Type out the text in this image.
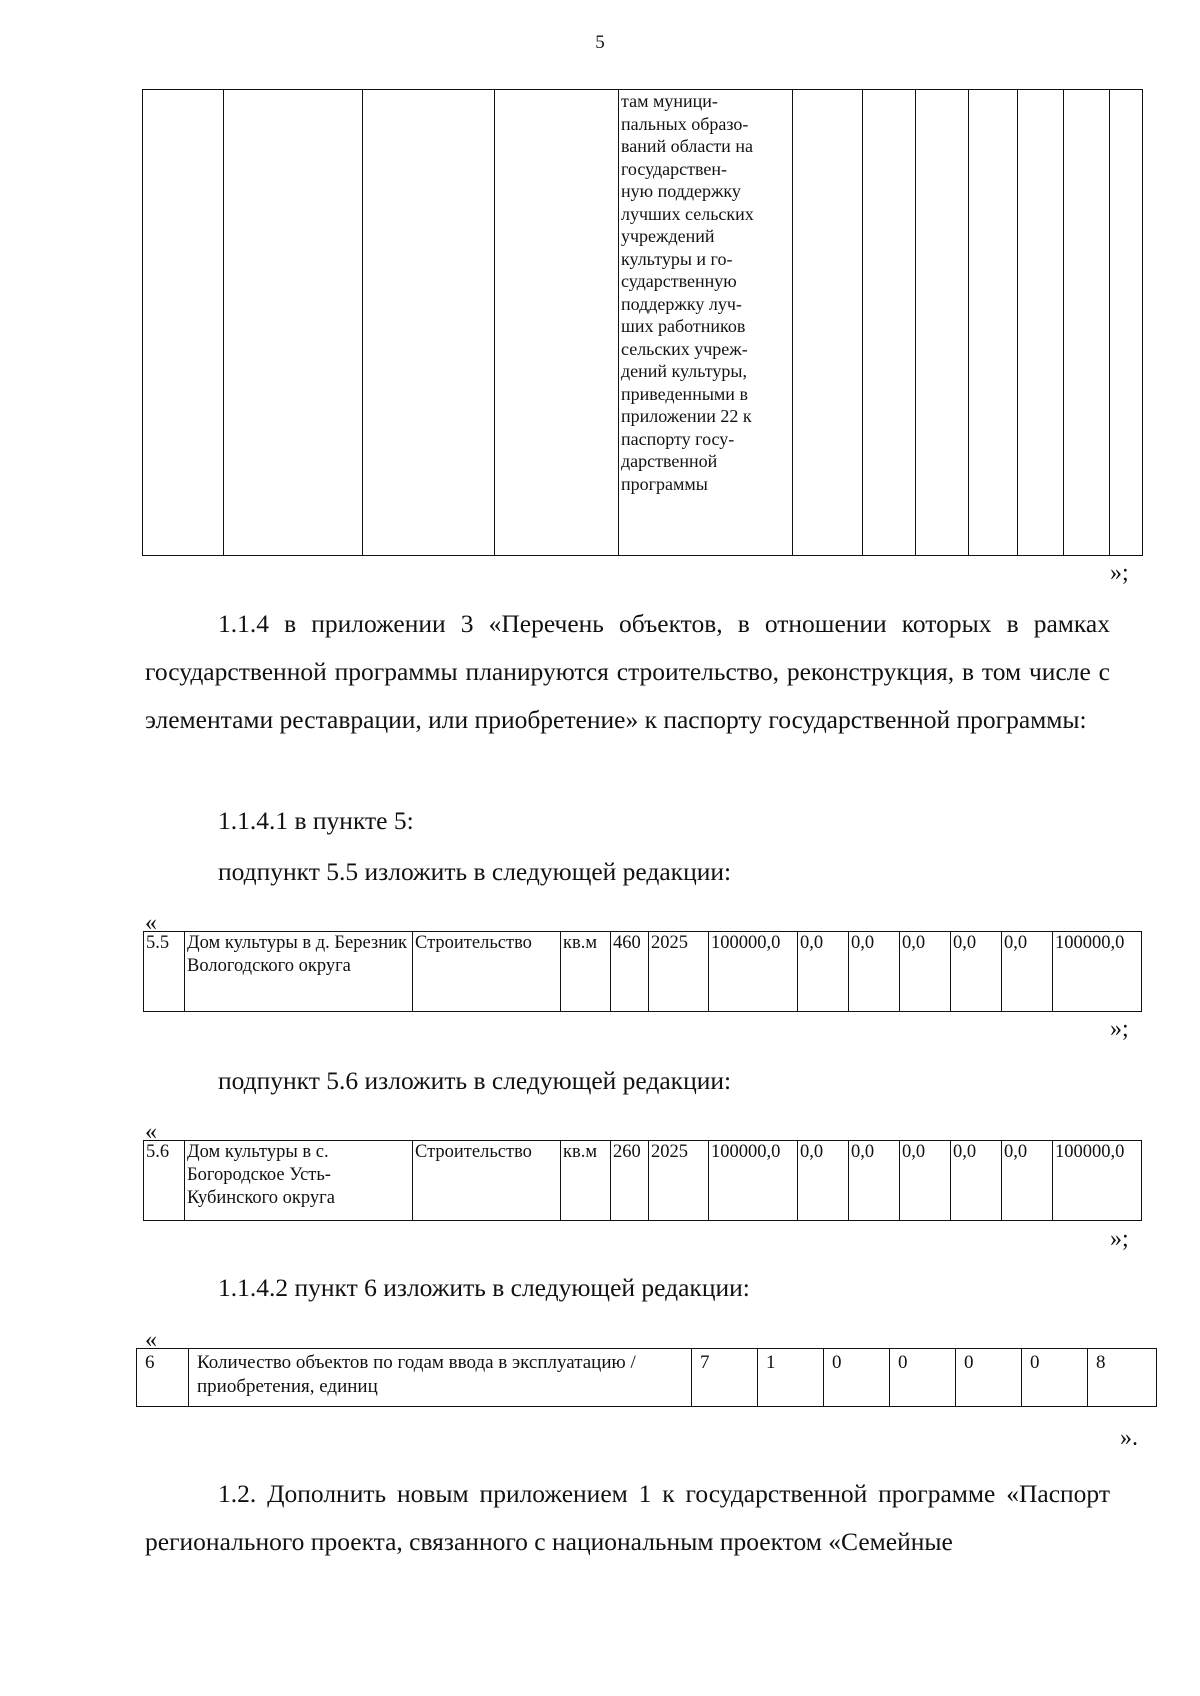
5

там муници-
пальных образо-
ваний области на
государствен-
ную поддержку
лучших сельских
учреждений
культуры и го-
сударственную
поддержку луч-
ших работников
сельских учреж-
дений культуры,
приведенными в
приложении 22 к
паспорту госу-
дарственной
программы

»;
1.1.4 в приложении 3 «Перечень объектов, в отношении которых в рамках государственной программы планируются строительство, реконструкция, в том числе с элементами реставрации, или приобретение» к паспорту государственной программы:
1.1.4.1 в пункте 5:
подпункт 5.5 изложить в следующей редакции:
«
5.5	Дом культуры в д. Березник Вологодского округа	Строительство	кв.м	460	2025	100000,0	0,0	0,0	0,0	0,0	0,0	100000,0
»;
подпункт 5.6 изложить в следующей редакции:
«
5.6	Дом культуры в с. Богородское Усть-Кубинского округа	Строительство	кв.м	260	2025	100000,0	0,0	0,0	0,0	0,0	0,0	100000,0
»;
1.1.4.2 пункт 6 изложить в следующей редакции:
«
6	Количество объектов по годам ввода в эксплуатацию / приобретения, единиц	7	1	0	0	0	0	8
».
1.2. Дополнить новым приложением 1 к государственной программе «Паспорт регионального проекта, связанного с национальным проектом «Семейные
